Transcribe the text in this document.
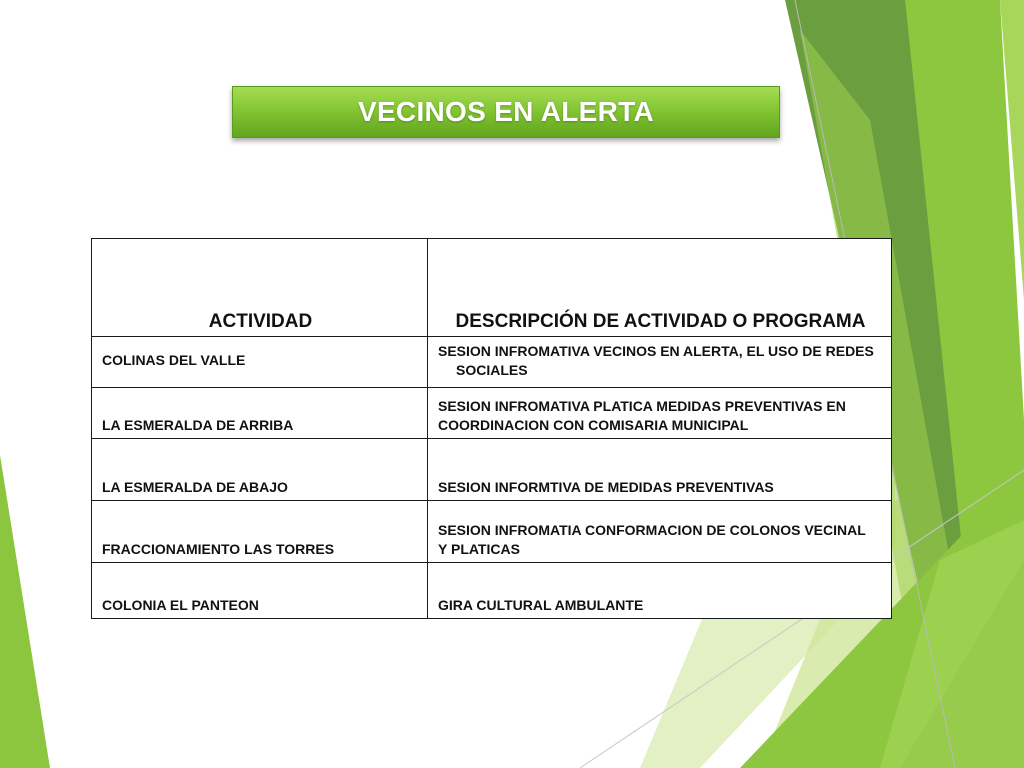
VECINOS EN ALERTA
ACTIVIDAD	DESCRIPCIÓN DE ACTIVIDAD O PROGRAMA
COLINAS DEL VALLE	SESION INFROMATIVA VECINOS EN ALERTA, EL USO DE REDES
SOCIALES
LA ESMERALDA DE ARRIBA	SESION INFROMATIVA PLATICA MEDIDAS PREVENTIVAS EN
COORDINACION CON COMISARIA MUNICIPAL
LA ESMERALDA DE ABAJO	SESION INFORMTIVA DE MEDIDAS PREVENTIVAS
FRACCIONAMIENTO LAS TORRES	SESION INFROMATIA CONFORMACION DE COLONOS VECINAL
Y PLATICAS
COLONIA EL PANTEON	GIRA CULTURAL AMBULANTE
